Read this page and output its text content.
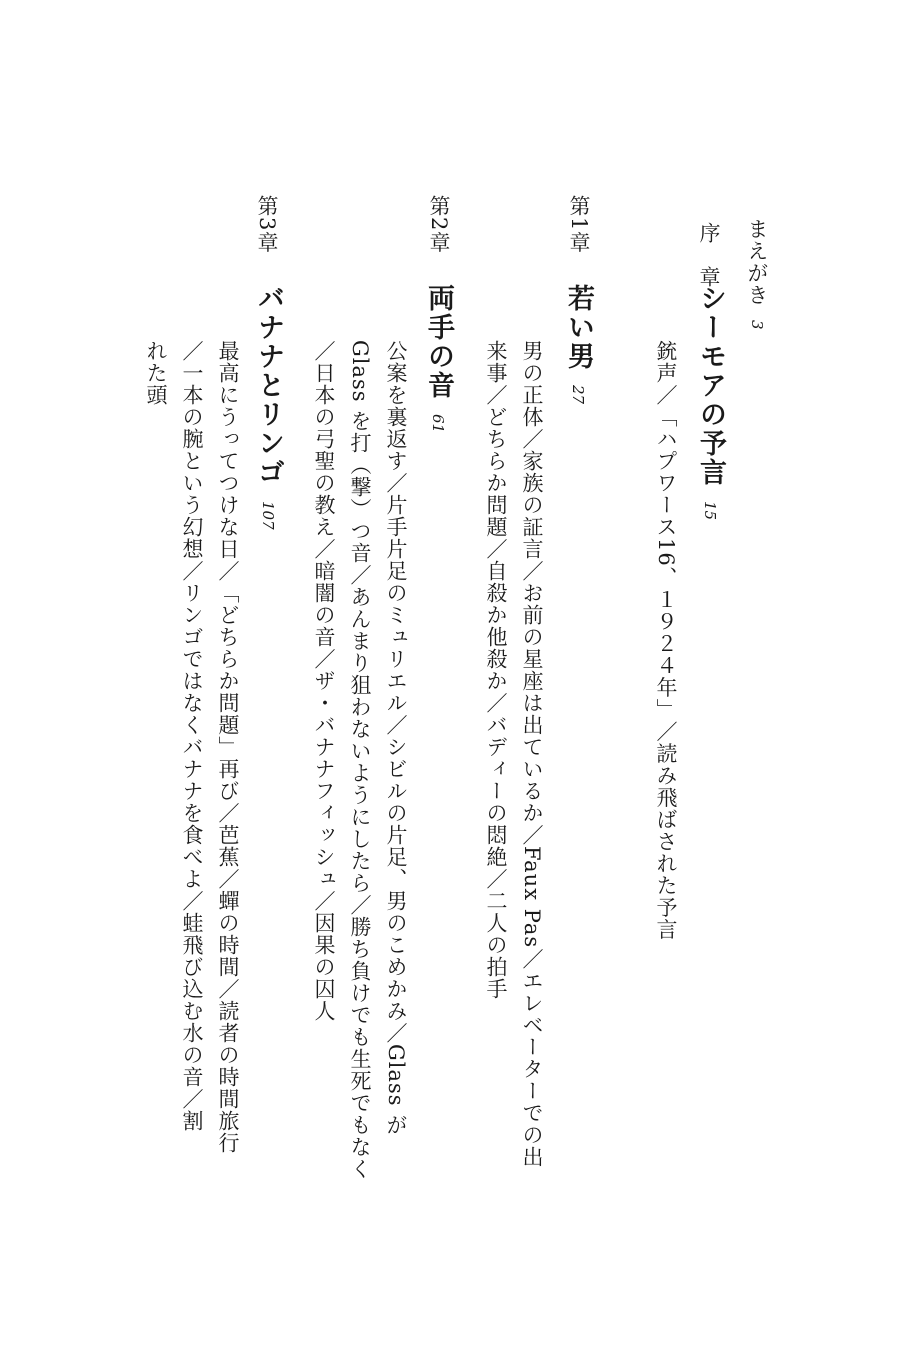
まえがき3
序　章
シーモアの予言15
銃声／「ハプワース16、１９２４年」／読み飛ばされた予言
第1章
若い男27
男の正体／家族の証言／お前の星座は出ているか／Faux Pas／エレベーターでの出
来事／どちらか問題／自殺か他殺か／バディーの悶絶／二人の拍手
第2章
両手の音61
公案を裏返す／片手片足のミュリエル／シビルの片足、男のこめかみ／Glass が
Glass を打（撃）つ音／あんまり狙わないようにしたら／勝ち負けでも生死でもなく
／日本の弓聖の教え／暗闇の音／ザ・バナナフィッシュ／因果の囚人
第3章
バナナとリンゴ107
最高にうってつけな日／「どちらか問題」再び／芭蕉／蟬の時間／読者の時間旅行
／一本の腕という幻想／リンゴではなくバナナを食べよ／蛙飛び込む水の音／割
れた頭
